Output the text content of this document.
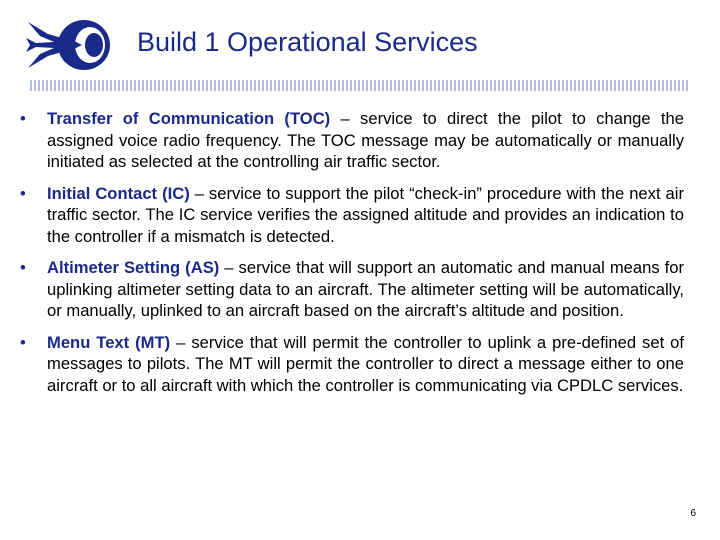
Build 1 Operational Services
• Transfer of Communication (TOC) – service to direct the pilot to change the assigned voice radio frequency. The TOC message may be automatically or manually initiated as selected at the controlling air traffic sector.
• Initial Contact (IC) – service to support the pilot “check-in” procedure with the next air traffic sector. The IC service verifies the assigned altitude and provides an indication to the controller if a mismatch is detected.
• Altimeter Setting (AS) – service that will support an automatic and manual means for uplinking altimeter setting data to an aircraft. The altimeter setting will be automatically, or manually, uplinked to an aircraft based on the aircraft’s altitude and position.
• Menu Text (MT) – service that will permit the controller to uplink a pre-defined set of messages to pilots. The MT will permit the controller to direct a message either to one aircraft or to all aircraft with which the controller is communicating via CPDLC services.
6
